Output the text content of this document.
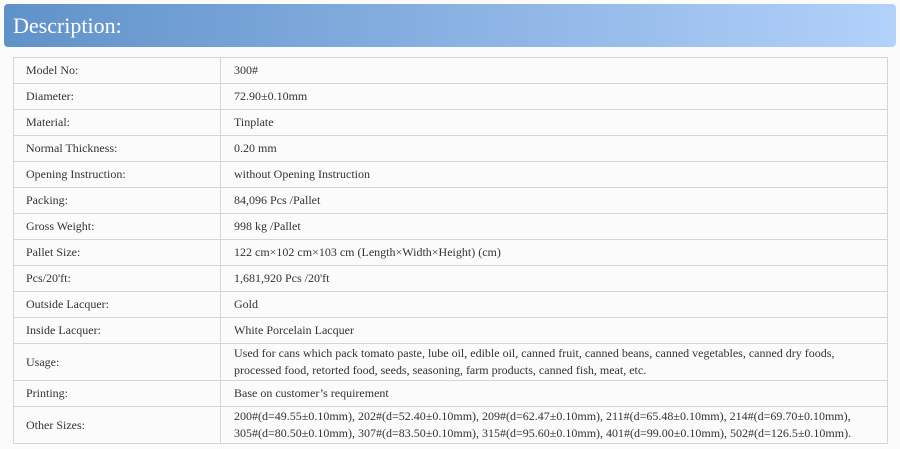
Description:
Model No:	300#
Diameter:	72.90±0.10mm
Material:	Tinplate
Normal Thickness:	0.20 mm
Opening Instruction:	without Opening Instruction
Packing:	84,096 Pcs /Pallet
Gross Weight:	998 kg /Pallet
Pallet Size:	122 cm×102 cm×103 cm (Length×Width×Height) (cm)
Pcs/20'ft:	1,681,920 Pcs /20'ft
Outside Lacquer:	Gold
Inside Lacquer:	White Porcelain Lacquer
Usage:	Used for cans which pack tomato paste, lube oil, edible oil, canned fruit, canned beans, canned vegetables, canned dry foods,
processed food, retorted food, seeds, seasoning, farm products, canned fish, meat, etc.

Printing:	Base on customer’s requirement
Other Sizes:	200#(d=49.55±0.10mm), 202#(d=52.40±0.10mm), 209#(d=62.47±0.10mm), 211#(d=65.48±0.10mm), 214#(d=69.70±0.10mm),
305#(d=80.50±0.10mm), 307#(d=83.50±0.10mm), 315#(d=95.60±0.10mm), 401#(d=99.00±0.10mm), 502#(d=126.5±0.10mm).
